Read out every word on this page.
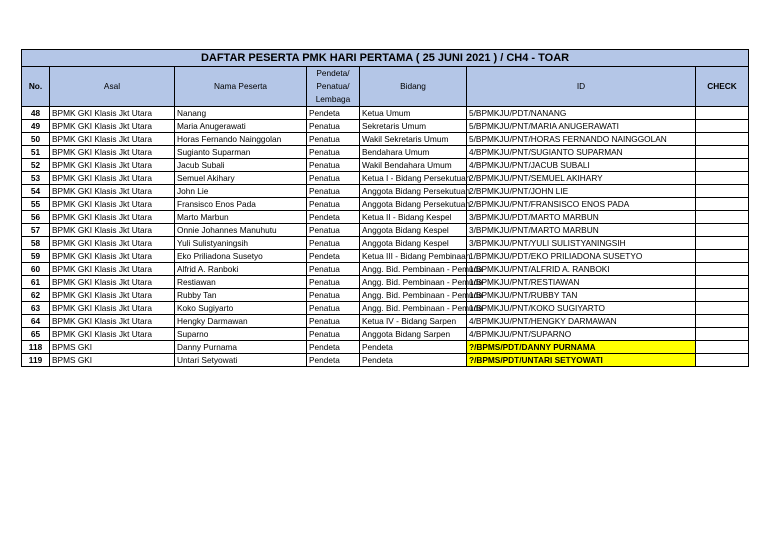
DAFTAR PESERTA PMK HARI PERTAMA ( 25 JUNI 2021 ) / CH4 - TOAR						
No.	Asal	Nama Peserta	Pendeta/ Penatua/ Lembaga	Bidang	ID	CHECK
48	BPMK GKI Klasis Jkt Utara	Nanang	Pendeta	Ketua Umum	5/BPMKJU/PDT/NANANG	
49	BPMK GKI Klasis Jkt Utara	Maria Anugerawati	Penatua	Sekretaris Umum	5/BPMKJU/PNT/MARIA ANUGERAWATI	
50	BPMK GKI Klasis Jkt Utara	Horas Fernando Nainggolan	Penatua	Wakil Sekretaris Umum	5/BPMKJU/PNT/HORAS FERNANDO NAINGGOLAN	
51	BPMK GKI Klasis Jkt Utara	Sugianto Suparman	Penatua	Bendahara Umum	4/BPMKJU/PNT/SUGIANTO SUPARMAN	
52	BPMK GKI Klasis Jkt Utara	Jacub Subali	Penatua	Wakil Bendahara Umum	4/BPMKJU/PNT/JACUB SUBALI	
53	BPMK GKI Klasis Jkt Utara	Semuel Akihary	Penatua	Ketua I - Bidang Persekutuan	2/BPMKJU/PNT/SEMUEL AKIHARY	
54	BPMK GKI Klasis Jkt Utara	John Lie	Penatua	Anggota Bidang Persekutuan	2/BPMKJU/PNT/JOHN LIE	
55	BPMK GKI Klasis Jkt Utara	Fransisco Enos Pada	Penatua	Anggota Bidang Persekutuan	2/BPMKJU/PNT/FRANSISCO ENOS PADA	
56	BPMK GKI Klasis Jkt Utara	Marto Marbun	Pendeta	Ketua II - Bidang Kespel	3/BPMKJU/PDT/MARTO MARBUN	
57	BPMK GKI Klasis Jkt Utara	Onnie Johannes Manuhutu	Penatua	Anggota Bidang Kespel	3/BPMKJU/PNT/MARTO MARBUN	
58	BPMK GKI Klasis Jkt Utara	Yuli Sulistyaningsih	Penatua	Anggota Bidang Kespel	3/BPMKJU/PNT/YULI SULISTYANINGSIH	
59	BPMK GKI Klasis Jkt Utara	Eko Priliadona Susetyo	Pendeta	Ketua III - Bidang Pembinaan	1/BPMKJU/PDT/EKO PRILIADONA SUSETYO	
60	BPMK GKI Klasis Jkt Utara	Alfrid A. Ranboki	Penatua	Angg. Bid. Pembinaan - Pemuda	1/BPMKJU/PNT/ALFRID A. RANBOKI	
61	BPMK GKI Klasis Jkt Utara	Restiawan	Penatua	Angg. Bid. Pembinaan - Pemuda	1/BPMKJU/PNT/RESTIAWAN	
62	BPMK GKI Klasis Jkt Utara	Rubby Tan	Penatua	Angg. Bid. Pembinaan - Pemuda	1/BPMKJU/PNT/RUBBY TAN	
63	BPMK GKI Klasis Jkt Utara	Koko Sugiyarto	Penatua	Angg. Bid. Pembinaan - Pemuda	1/BPMKJU/PNT/KOKO SUGIYARTO	
64	BPMK GKI Klasis Jkt Utara	Hengky Darmawan	Penatua	Ketua IV - Bidang Sarpen	4/BPMKJU/PNT/HENGKY DARMAWAN	
65	BPMK GKI Klasis Jkt Utara	Suparno	Penatua	Anggota Bidang Sarpen	4/BPMKJU/PNT/SUPARNO	
118	BPMS GKI	Danny Purnama	Pendeta	Pendeta	?/BPMS/PDT/DANNY PURNAMA	
119	BPMS GKI	Untari Setyowati	Pendeta	Pendeta	?/BPMS/PDT/UNTARI SETYOWATI	
